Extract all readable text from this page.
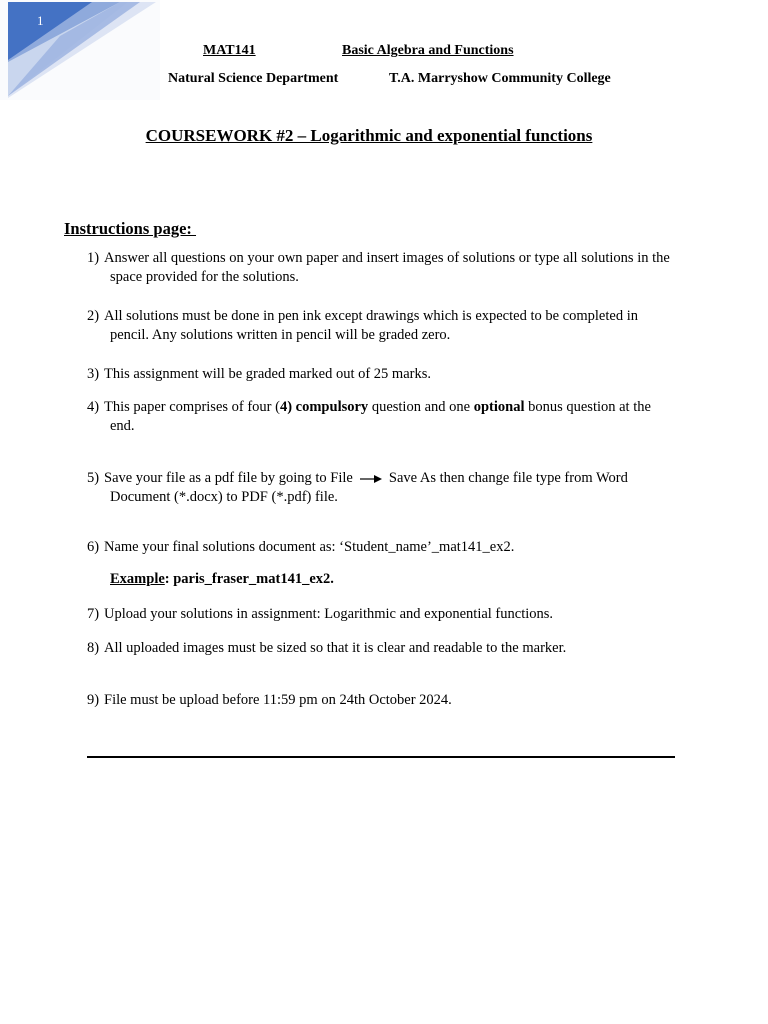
1
MAT141	Basic Algebra and Functions
Natural Science Department	T.A. Marryshow Community College
COURSEWORK #2 – Logarithmic and exponential functions
Instructions page:
1) Answer all questions on your own paper and insert images of solutions or type all solutions in the space provided for the solutions.
2) All solutions must be done in pen ink except drawings which is expected to be completed in pencil. Any solutions written in pencil will be graded zero.
3) This assignment will be graded marked out of 25 marks.
4) This paper comprises of four (4) compulsory question and one optional bonus question at the end.
5) Save your file as a pdf file by going to File Save As then change file type from Word Document (*.docx) to PDF (*.pdf) file.
6) Name your final solutions document as: ‘Student_name’_mat141_ex2.
Example: paris_fraser_mat141_ex2.
7) Upload your solutions in assignment: Logarithmic and exponential functions.
8) All uploaded images must be sized so that it is clear and readable to the marker.
9) File must be upload before 11:59 pm on 24th October 2024.
